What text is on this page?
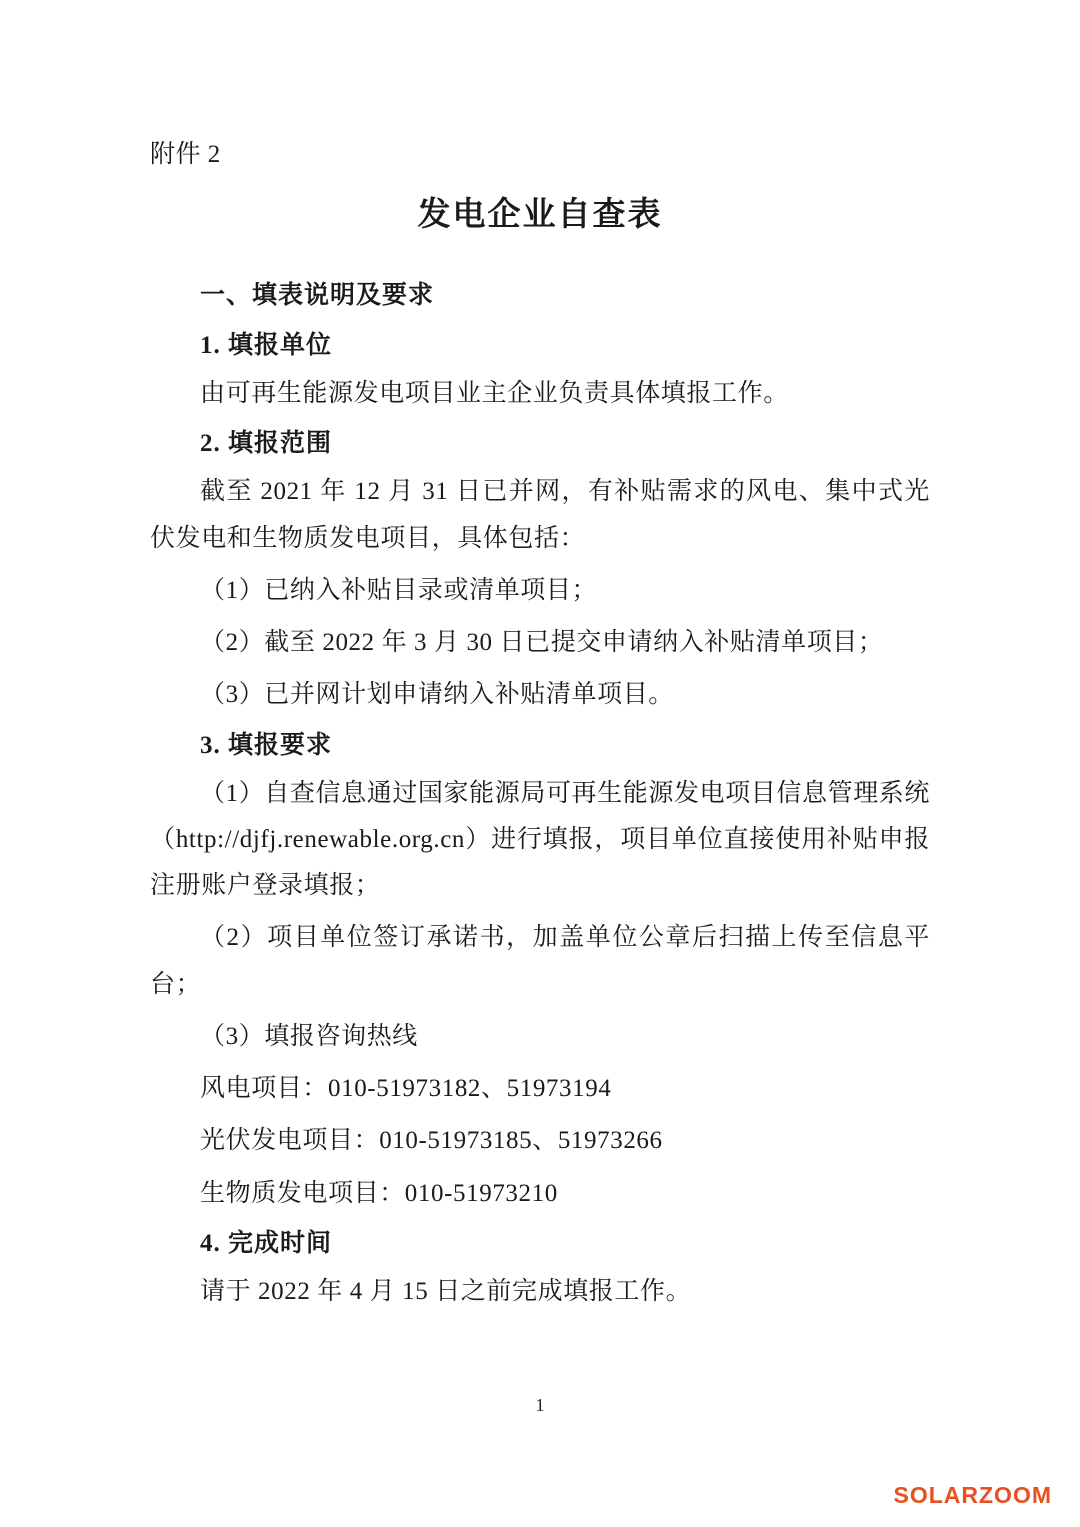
附件 2
发电企业自查表
一、填表说明及要求
1. 填报单位

由可再生能源发电项目业主企业负责具体填报工作。

2. 填报范围

截至 2021 年 12 月 31 日已并网，有补贴需求的风电、集中式光伏发电和生物质发电项目，具体包括：

（1）已纳入补贴目录或清单项目；

（2）截至 2022 年 3 月 30 日已提交申请纳入补贴清单项目；

（3）已并网计划申请纳入补贴清单项目。

3. 填报要求

（1）自查信息通过国家能源局可再生能源发电项目信息管理系统（http://djfj.renewable.org.cn）进行填报，项目单位直接使用补贴申报注册账户登录填报；

（2）项目单位签订承诺书，加盖单位公章后扫描上传至信息平台；

（3）填报咨询热线

风电项目：010-51973182、51973194

光伏发电项目：010-51973185、51973266

生物质发电项目：010-51973210

4. 完成时间

请于 2022 年 4 月 15 日之前完成填报工作。

1
SOLARZOOM
